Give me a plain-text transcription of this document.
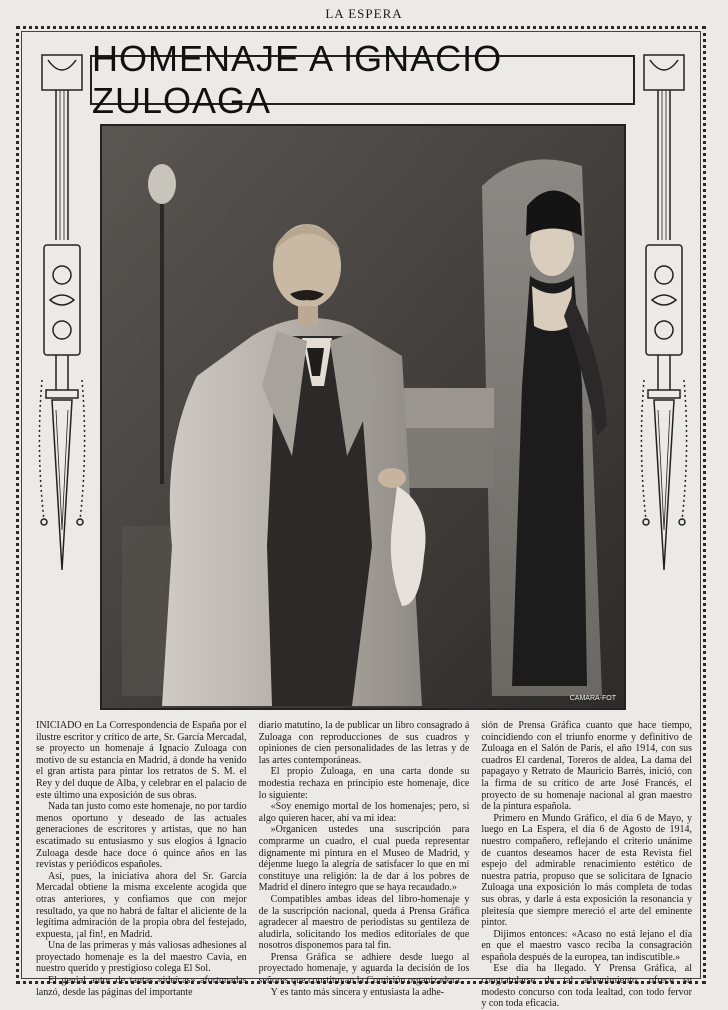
LA ESPERA
HOMENAJE A IGNACIO ZULOAGA
CAMARA-FOT

INICIADO en La Correspondencia de España por el ilustre escritor y crítico de arte, Sr. García Mercadal, se proyecto un homenaje á Ignacio Zuloaga con motivo de su estancia en Madrid, á donde ha venido el gran artista para pintar los retratos de S. M. el Rey y del duque de Alba, y celebrar en el palacio de este último una exposición de sus obras.

Nada tan justo como este homenaje, no por tardío menos oportuno y deseado de las actuales generaciones de escritores y artistas, que no han escatimado su entusiasmo y sus elogios á Ignacio Zuloaga desde hace doce ó quince años en las revistas y periódicos españoles.

Así, pues, la iniciativa ahora del Sr. García Mercadal obtiene la misma excelente acogida que otras anteriores, y confiamos que con mejor resultado, ya que no habrá de faltar el aliciente de la legítima admiración de la propia obra del festejado, expuesta, ¡al fin!, en Madrid.

Una de las primeras y más valiosas adhesiones al proyectado homenaje es la del maestro Cavia, en nuestro querido y prestigioso colega El Sol.

El genial autor de tantas «ideícas» afortunadas lanzó, desde las páginas del importante

diario matutino, la de publicar un libro consagrado á Zuloaga con reproducciones de sus cuadros y opiniones de cien personalidades de las letras y de las artes contemporáneas.

El propio Zuloaga, en una carta donde su modestia rechaza en principio este homenaje, dice lo siguiente:

«Soy enemigo mortal de los homenajes; pero, si algo quieren hacer, ahí va mi idea:

»Organicen ustedes una suscripción para comprarme un cuadro, el cual pueda representar dignamente mi pintura en el Museo de Madrid, y déjenme luego la alegría de satisfacer lo que en mí constituye una religión: la de dar á los pobres de Madrid el dinero íntegro que se haya recaudado.»

Compatibles ambas ideas del libro-homenaje y de la suscripción nacional, queda á Prensa Gráfica agradecer al maestro de periodistas su gentileza de aludirla, solicitando los medios editoriales de que nosotros disponemos para tal fin.

Prensa Gráfica se adhiere desde luego al proyectado homenaje, y aguarda la decisión de los señores que constituyan la Comisión organizadora.

Y es tanto más sincera y entusiasta la adhe-

sión de Prensa Gráfica cuanto que hace tiempo, coincidiendo con el triunfo enorme y definitivo de Zuloaga en el Salón de París, el año 1914, con sus cuadros El cardenal, Toreros de aldea, La dama del papagayo y Retrato de Mauricio Barrés, inició, con la firma de su crítico de arte José Francés, el proyecto de su homenaje nacional al gran maestro de la pintura española.

Primero en Mundo Gráfico, el día 6 de Mayo, y luego en La Espera, el día 6 de Agosto de 1914, nuestro compañero, reflejando el criterio unánime de cuantos deseamos hacer de esta Revista fiel espejo del admirable renacimiento estético de nuestra patria, propuso que se solicitara de Ignacio Zuloaga una exposición lo más completa de todas sus obras, y darle á esta exposición la resonancia y pleitesía que siempre mereció el arte del eminente pintor.

Dijimos entonces: «Acaso no está lejano el día en que el maestro vasco reciba la consagración española después de la europea, tan indiscutible.»

Ese día ha llegado. Y Prensa Gráfica, al congratularse de tal advenimiento, ofrece su modesto concurso con toda lealtad, con todo fervor y con toda eficacia.
